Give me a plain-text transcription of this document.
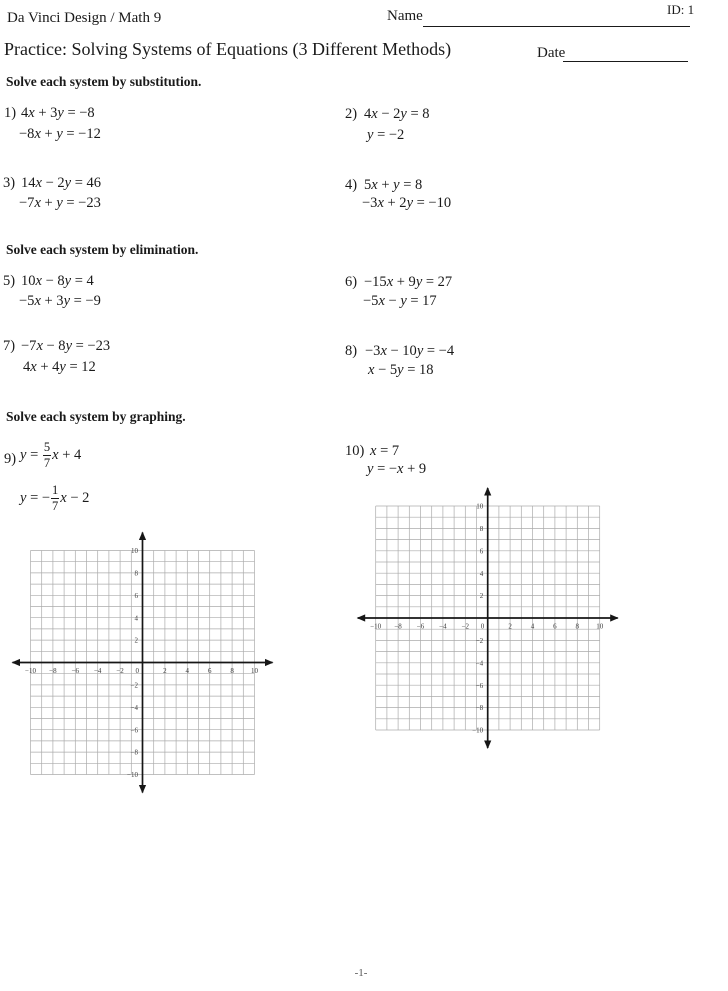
ID: 1
Da Vinci Design / Math 9	Name
Practice: Solving Systems of Equations (3 Different Methods)	Date
Solve each system by substitution.
1) 4x + 3y = −8
−8x + y = −12
2) 4x − 2y = 8
y = −2
3) 14x − 2y = 46
−7x + y = −23
4) 5x + y = 8
−3x + 2y = −10
Solve each system by elimination.
5) 10x − 8y = 4
−5x + 3y = −9
6) −15x + 9y = 27
−5x − y = 17
7) −7x − 8y = −23
4x + 4y = 12
8) −3x − 10y = −4
x − 5y = 18
Solve each system by graphing.
9) $y = \frac{5}{7}$ x + 4
y = − $\frac{1}{7}$ x − 2
10) x = 7
y = −x + 9
−10
−10
−8
−8
−6
−6
−4
−4
−2
−2
2
2
4
4
6
6
8
8
10
10
0
−10
−10
−8
−8
−6
−6
−4
−4
−2
−2
2
2
4
4
6
6
8
8
10
10
0
-1-
